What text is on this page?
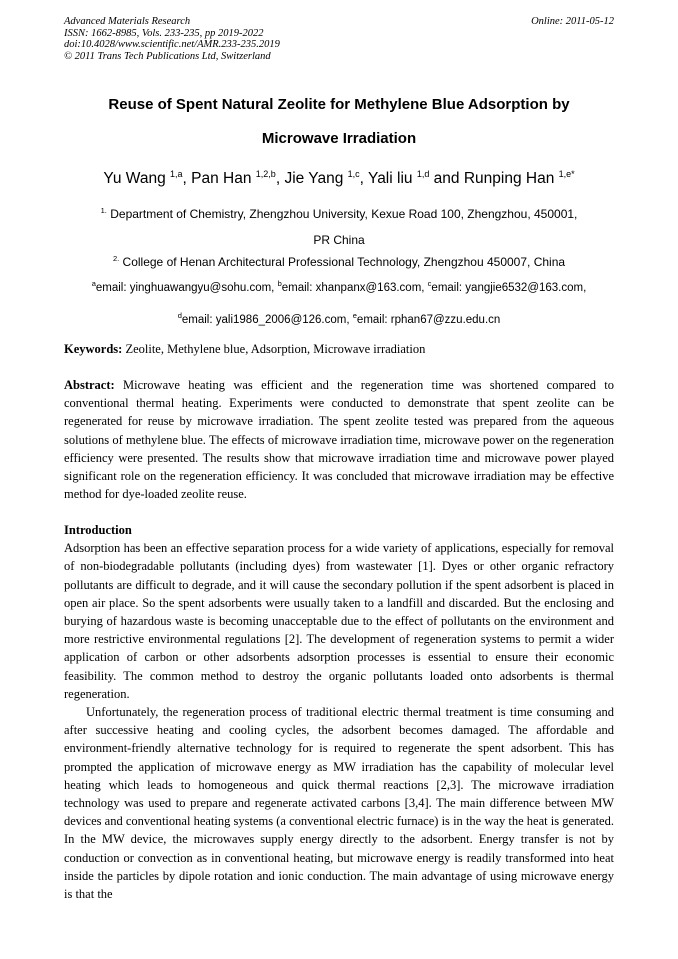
Advanced Materials Research
ISSN: 1662-8985, Vols. 233-235, pp 2019-2022
doi:10.4028/www.scientific.net/AMR.233-235.2019
© 2011 Trans Tech Publications Ltd, Switzerland
Online: 2011-05-12
Reuse of Spent Natural Zeolite for Methylene Blue Adsorption by
Microwave Irradiation
Yu Wang $^{1,a}$, Pan Han $^{1,2,b}$, Jie Yang $^{1,c}$, Yali liu $^{1,d}$ and Runping Han $^{1,e*}$
$^{1.}$ Department of Chemistry, Zhengzhou University, Kexue Road 100, Zhengzhou, 450001,
PR China
$^{2.}$ College of Henan Architectural Professional Technology, Zhengzhou 450007, China
$^a$email: yinghuawangyu@sohu.com, $^b$email: xhanpanx@163.com, $^c$email: yangjie6532@163.com,
$^d$email: yali1986_2006@126.com, $^e$email: rphan67@zzu.edu.cn
Keywords: Zeolite, Methylene blue, Adsorption, Microwave irradiation
Abstract: Microwave heating was efficient and the regeneration time was shortened compared to conventional thermal heating. Experiments were conducted to demonstrate that spent zeolite can be regenerated for reuse by microwave irradiation. The spent zeolite tested was prepared from the aqueous solutions of methylene blue. The effects of microwave irradiation time, microwave power on the regeneration efficiency were presented. The results show that microwave irradiation time and microwave power played significant role on the regeneration efficiency. It was concluded that microwave irradiation may be effective method for dye-loaded zeolite reuse.

Introduction

Adsorption has been an effective separation process for a wide variety of applications, especially for removal of non-biodegradable pollutants (including dyes) from wastewater [1]. Dyes or other organic refractory pollutants are difficult to degrade, and it will cause the secondary pollution if the spent adsorbent is placed in open air place. So the spent adsorbents were usually taken to a landfill and discarded. But the enclosing and burying of hazardous waste is becoming unacceptable due to the effect of pollutants on the environment and more restrictive environmental regulations [2]. The development of regeneration systems to permit a wider application of carbon or other adsorbents adsorption processes is essential to ensure their economic feasibility. The common method to destroy the organic pollutants loaded onto adsorbents is thermal regeneration.

Unfortunately, the regeneration process of traditional electric thermal treatment is time consuming and after successive heating and cooling cycles, the adsorbent becomes damaged. The affordable and environment-friendly alternative technology for is required to regenerate the spent adsorbent. This has prompted the application of microwave energy as MW irradiation has the capability of molecular level heating which leads to homogeneous and quick thermal reactions [2,3]. The microwave irradiation technology was used to prepare and regenerate activated carbons [3,4]. The main difference between MW devices and conventional heating systems (a conventional electric furnace) is in the way the heat is generated. In the MW device, the microwaves supply energy directly to the adsorbent. Energy transfer is not by conduction or convection as in conventional heating, but microwave energy is readily transformed into heat inside the particles by dipole rotation and ionic conduction. The main advantage of using microwave energy is that the
